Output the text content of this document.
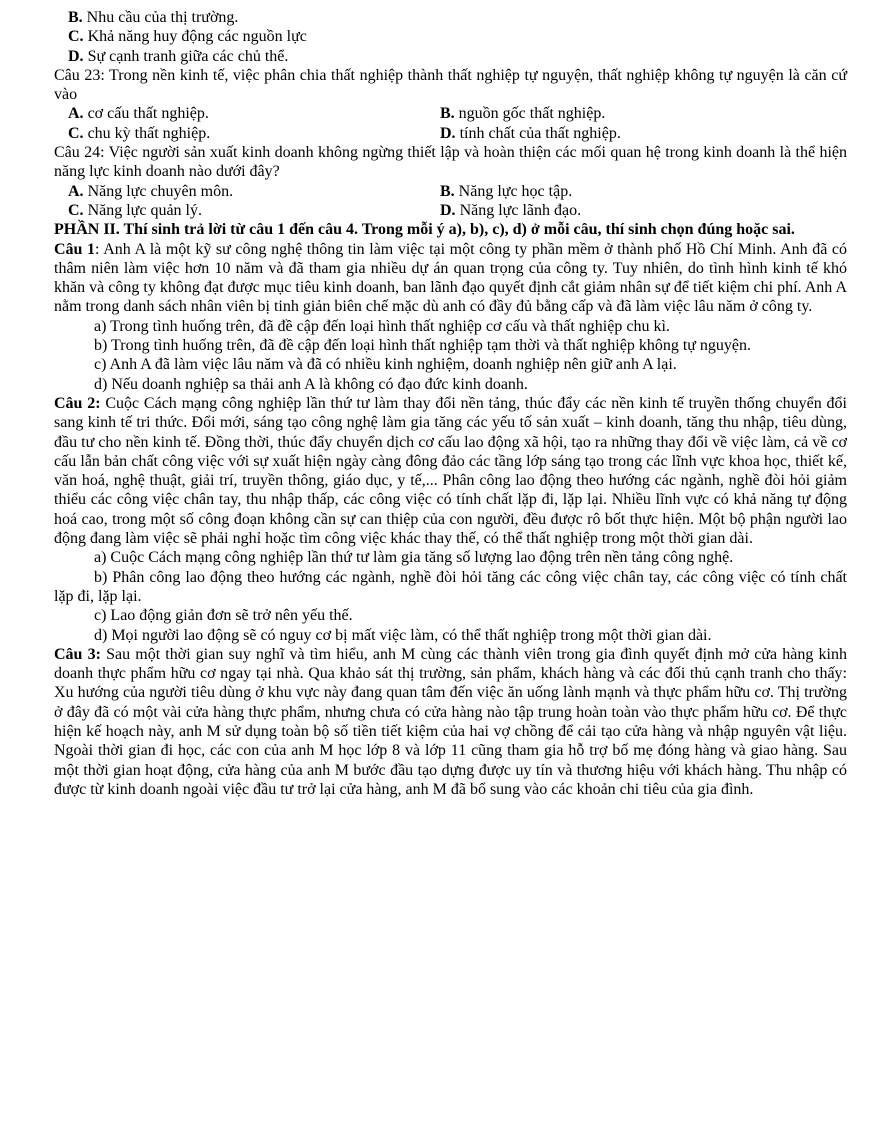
B. Nhu cầu của thị trường.
C. Khả năng huy động các nguồn lực
D. Sự cạnh tranh giữa các chủ thể.

Câu 23: Trong nền kinh tế, việc phân chia thất nghiệp thành thất nghiệp tự nguyện, thất nghiệp không tự nguyện là căn cứ vào

A. cơ cấu thất nghiệp.	B. nguồn gốc thất nghiệp.
C. chu kỳ thất nghiệp.	D. tính chất của thất nghiệp.

Câu 24: Việc người sản xuất kinh doanh không ngừng thiết lập và hoàn thiện các mối quan hệ trong kinh doanh là thể hiện năng lực kinh doanh nào dưới đây?

A. Năng lực chuyên môn.	B. Năng lực học tập.
C. Năng lực quản lý.	D. Năng lực lãnh đạo.

PHẦN II. Thí sinh trả lời từ câu 1 đến câu 4. Trong mỗi ý a), b), c), d) ở mỗi câu, thí sinh chọn đúng hoặc sai.

Câu 1: Anh A là một kỹ sư công nghệ thông tin làm việc tại một công ty phần mềm ở thành phố Hồ Chí Minh. Anh đã có thâm niên làm việc hơn 10 năm và đã tham gia nhiều dự án quan trọng của công ty. Tuy nhiên, do tình hình kinh tế khó khăn và công ty không đạt được mục tiêu kinh doanh, ban lãnh đạo quyết định cắt giảm nhân sự để tiết kiệm chi phí. Anh A nằm trong danh sách nhân viên bị tinh giản biên chế mặc dù anh có đầy đủ bằng cấp và đã làm việc lâu năm ở công ty.

a) Trong tình huống trên, đã đề cập đến loại hình thất nghiệp cơ cấu và thất nghiệp chu kì.

b) Trong tình huống trên, đã đề cập đến loại hình thất nghiệp tạm thời và thất nghiệp không tự nguyện.

c) Anh A đã làm việc lâu năm và đã có nhiều kinh nghiệm, doanh nghiệp nên giữ anh A lại.

d) Nếu doanh nghiệp sa thải anh A là không có đạo đức kinh doanh.

Câu 2: Cuộc Cách mạng công nghiệp lần thứ tư làm thay đổi nền tảng, thúc đẩy các nền kinh tế truyền thống chuyển đổi sang kinh tế tri thức. Đổi mới, sáng tạo công nghệ làm gia tăng các yếu tố sản xuất – kinh doanh, tăng thu nhập, tiêu dùng, đầu tư cho nền kinh tế. Đồng thời, thúc đẩy chuyển dịch cơ cấu lao động xã hội, tạo ra những thay đổi về việc làm, cả về cơ cấu lẫn bản chất công việc với sự xuất hiện ngày càng đông đảo các tầng lớp sáng tạo trong các lĩnh vực khoa học, thiết kế, văn hoá, nghệ thuật, giải trí, truyền thông, giáo dục, y tế,... Phân công lao động theo hướng các ngành, nghề đòi hỏi giảm thiểu các công việc chân tay, thu nhập thấp, các công việc có tính chất lặp đi, lặp lại. Nhiều lĩnh vực có khả năng tự động hoá cao, trong một số công đoạn không cần sự can thiệp của con người, đều được rô bốt thực hiện. Một bộ phận người lao động đang làm việc sẽ phải nghỉ hoặc tìm công việc khác thay thế, có thể thất nghiệp trong một thời gian dài.

a) Cuộc Cách mạng công nghiệp lần thứ tư làm gia tăng số lượng lao động trên nền tảng công nghệ.

b) Phân công lao động theo hướng các ngành, nghề đòi hỏi tăng các công việc chân tay, các công việc có tính chất lặp đi, lặp lại.

c) Lao động giản đơn sẽ trở nên yếu thế.

d) Mọi người lao động sẽ có nguy cơ bị mất việc làm, có thể thất nghiệp trong một thời gian dài.

Câu 3: Sau một thời gian suy nghĩ và tìm hiểu, anh M cùng các thành viên trong gia đình quyết định mở cửa hàng kinh doanh thực phẩm hữu cơ ngay tại nhà. Qua khảo sát thị trường, sản phẩm, khách hàng và các đối thủ cạnh tranh cho thấy: Xu hướng của người tiêu dùng ở khu vực này đang quan tâm đến việc ăn uống lành mạnh và thực phẩm hữu cơ. Thị trường ở đây đã có một vài cửa hàng thực phẩm, nhưng chưa có cửa hàng nào tập trung hoàn toàn vào thực phẩm hữu cơ. Để thực hiện kế hoạch này, anh M sử dụng toàn bộ số tiền tiết kiệm của hai vợ chồng để cải tạo cửa hàng và nhập nguyên vật liệu. Ngoài thời gian đi học, các con của anh M học lớp 8 và lớp 11 cũng tham gia hỗ trợ bố mẹ đóng hàng và giao hàng. Sau một thời gian hoạt động, cửa hàng của anh M bước đầu tạo dựng được uy tín và thương hiệu với khách hàng. Thu nhập có được từ kinh doanh ngoài việc đầu tư trở lại cửa hàng, anh M đã bổ sung vào các khoản chi tiêu của gia đình.
